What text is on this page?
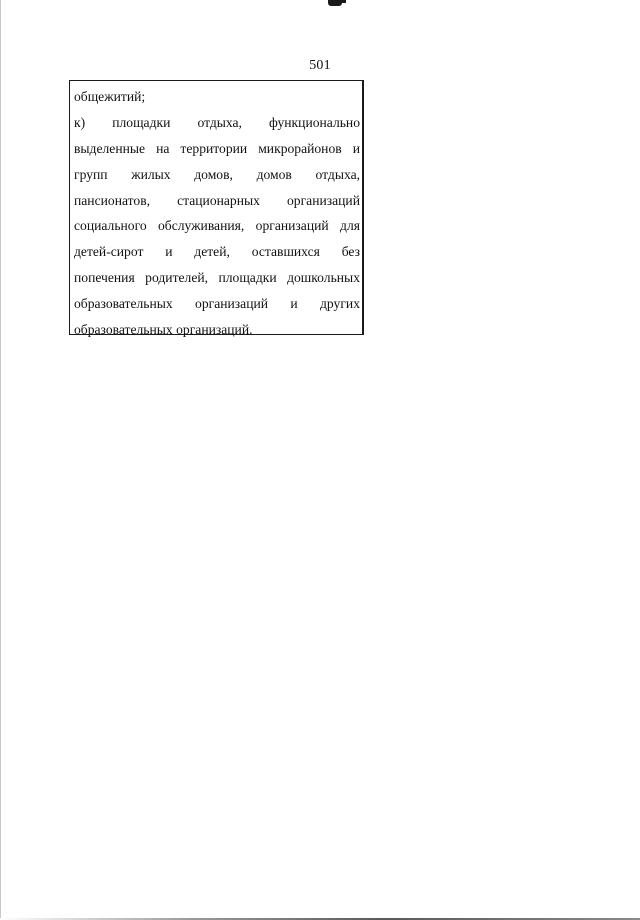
501
общежитий;
к) площадки отдыха, функционально
выделенные на территории микрорайонов и
групп жилых домов, домов отдыха,
пансионатов, стационарных организаций
социального обслуживания, организаций для
детей-сирот и детей, оставшихся без
попечения родителей, площадки дошкольных
образовательных организаций и других
образовательных организаций.
